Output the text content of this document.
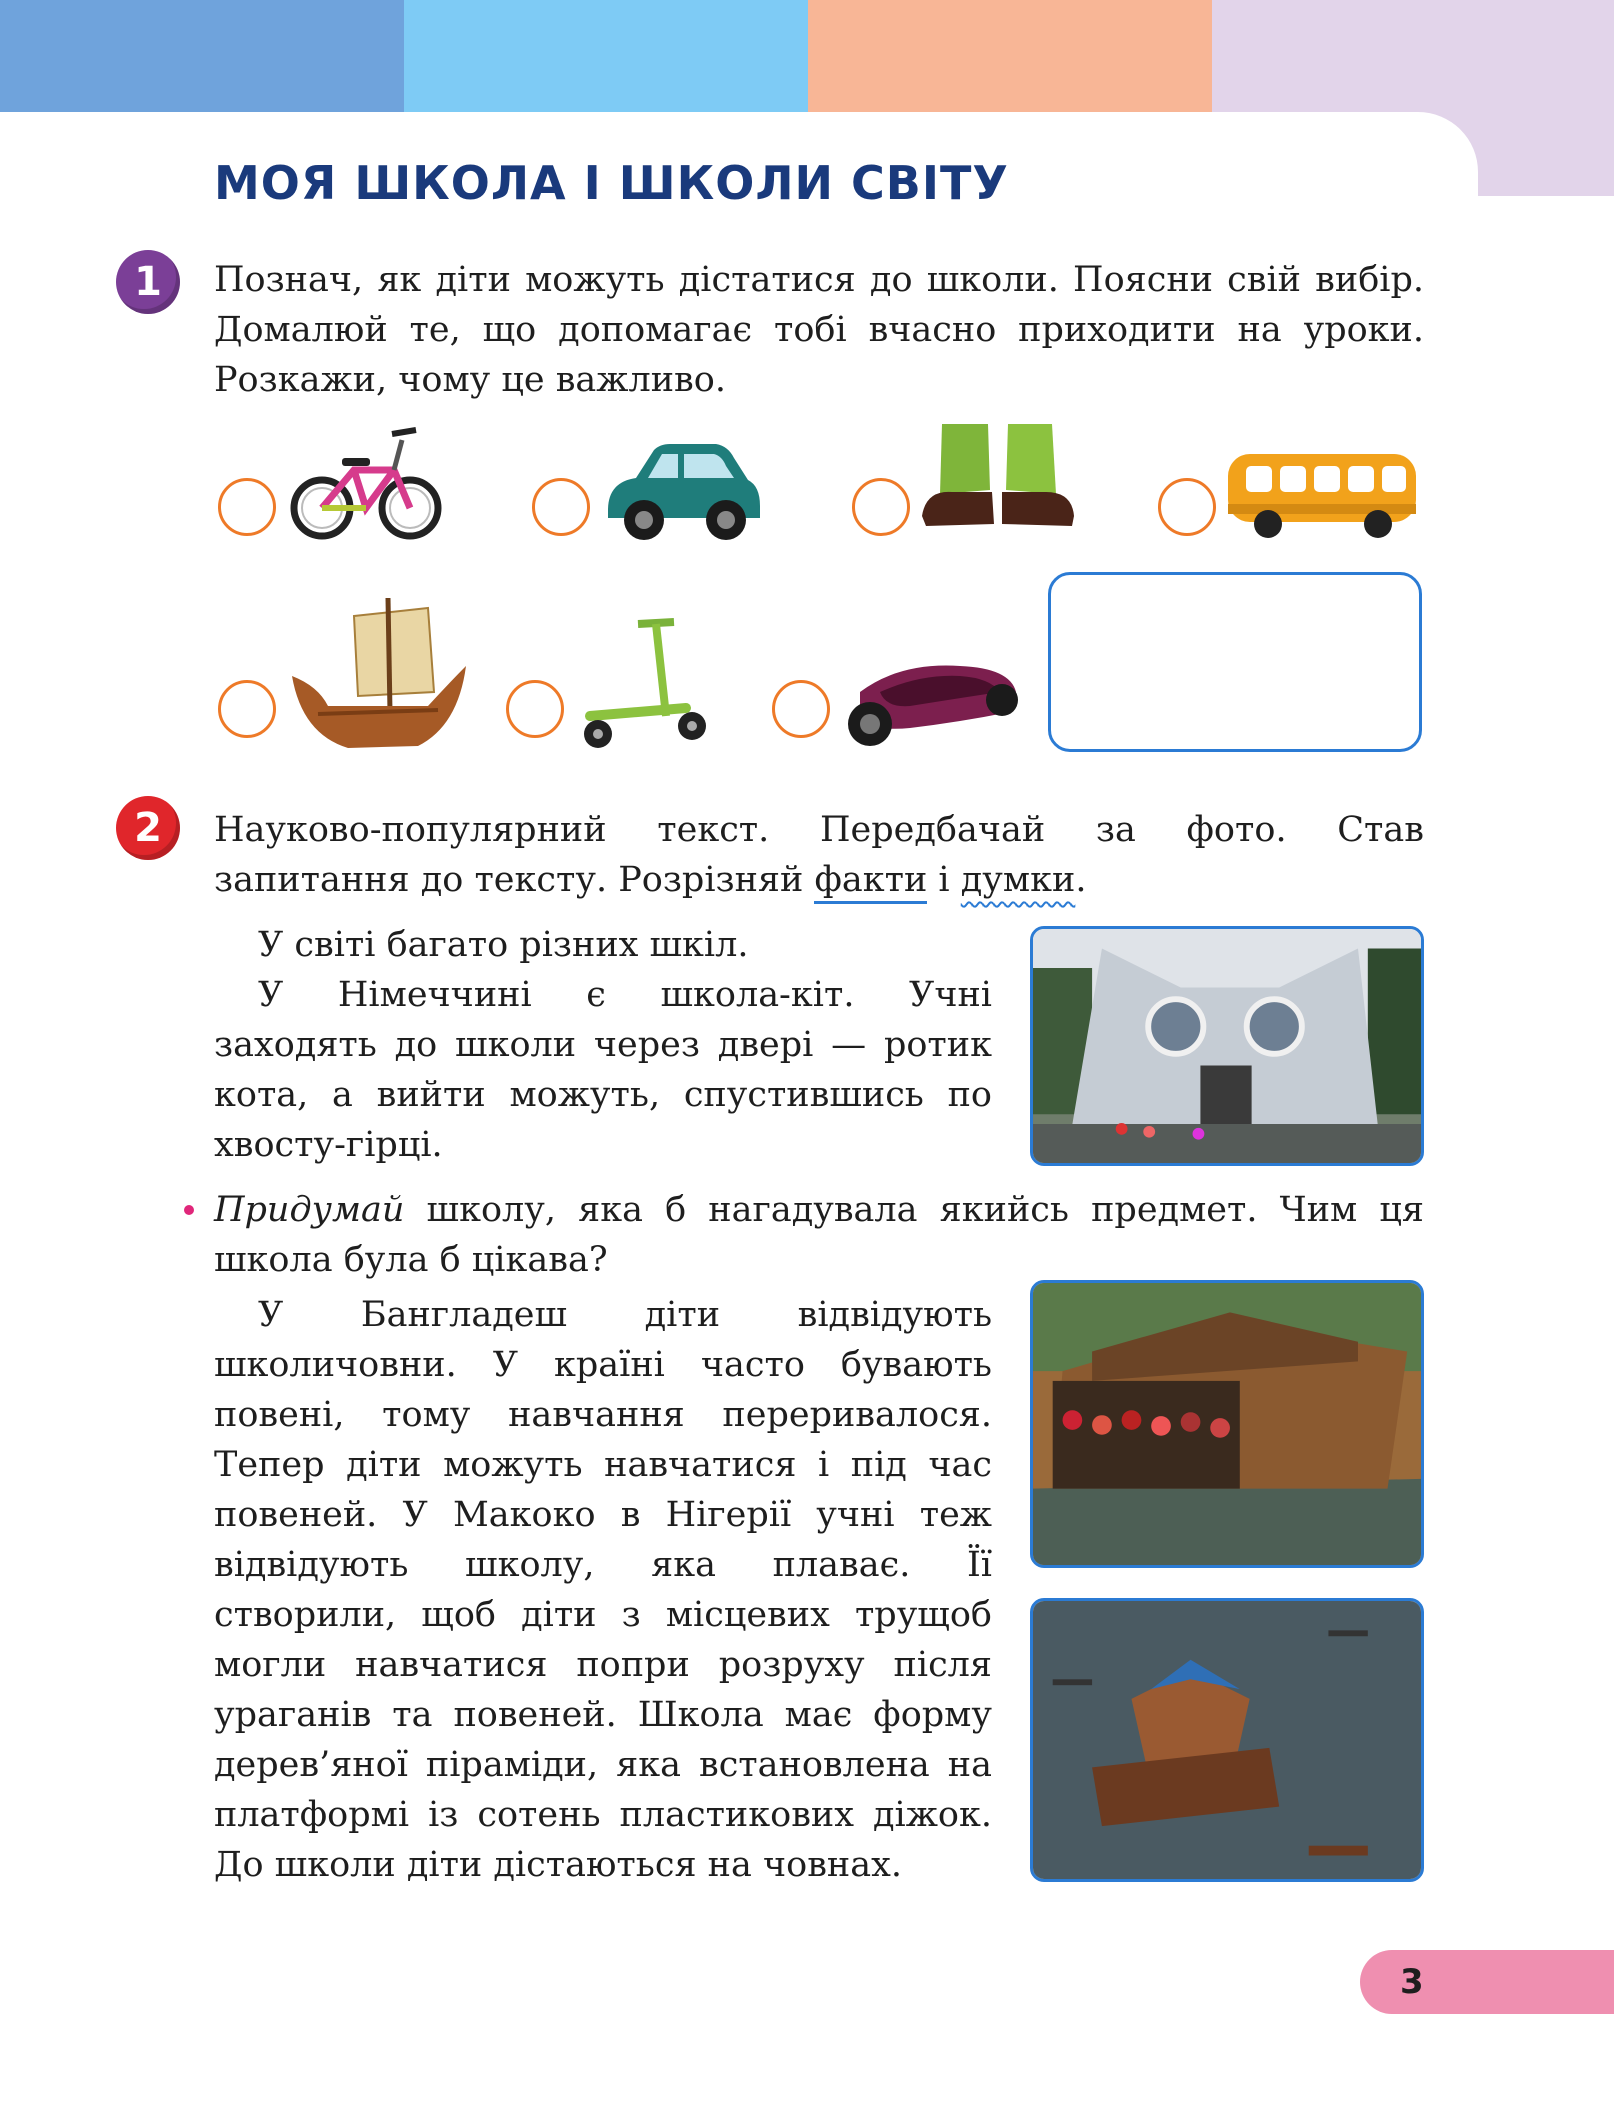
МОЯ ШКОЛА І ШКОЛИ СВІТУ
1	Познач, як діти можуть дістатися до школи. Поясни свій вибір. Домалюй те, що допомагає тобі вчасно приходити на уроки. Розкажи, чому це важливо.
2	Науково-популярний текст. Передбачай за фото. Став запитання до тексту. Розрізняй факти і думки.
У світі багато різних шкіл.
У Німеччині є школа-кіт. Учні заходять до школи через двері — ротик кота, а вийти можуть, спустившись по хвосту-гірці.
Придумай школу, яка б нагадувала якийсь предмет. Чим ця школа була б цікава?
У Бангладеш діти відвідують школичовни. У країні часто бувають повені, тому навчання переривалося. Тепер діти можуть навчатися і під час повеней. У Макоко в Нігерії учні теж відвідують школу, яка плаває. Її створили, щоб діти з місцевих трущоб могли навчатися попри розруху після ураганів та повеней. Школа має форму дерев’яної піраміди, яка встановлена на платформі із сотень пластикових діжок. До школи діти дістаються на човнах.
3
